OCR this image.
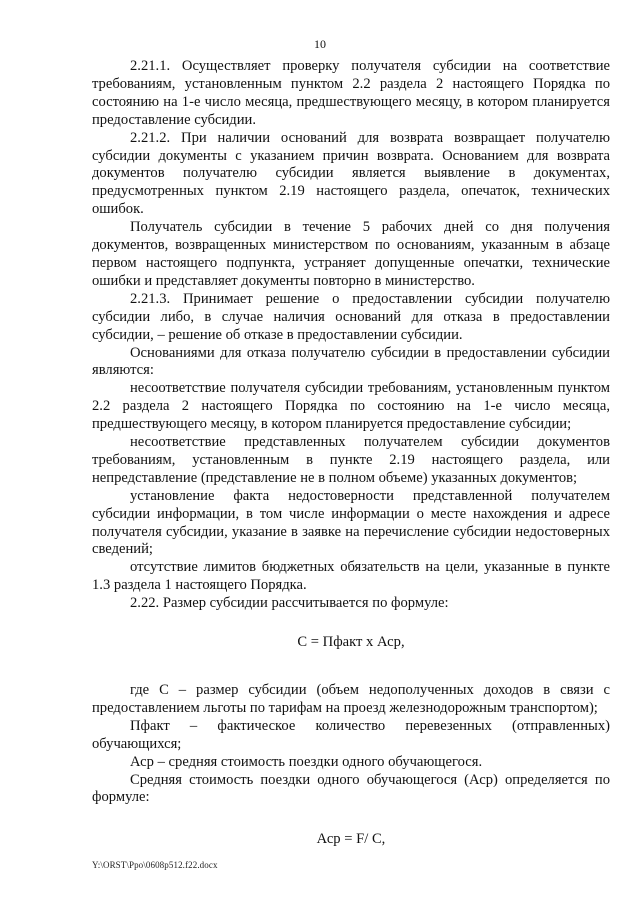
10

2.21.1. Осуществляет проверку получателя субсидии на соответствие требованиям, установленным пунктом 2.2 раздела 2 настоящего Порядка по состоянию на 1-е число месяца, предшествующего месяцу, в котором планируется предоставление субсидии.

2.21.2. При наличии оснований для возврата возвращает получателю субсидии документы с указанием причин возврата. Основанием для возврата документов получателю субсидии является выявление в документах, предусмотренных пунктом 2.19 настоящего раздела, опечаток, технических ошибок.

Получатель субсидии в течение 5 рабочих дней со дня получения документов, возвращенных министерством по основаниям, указанным в абзаце первом настоящего подпункта, устраняет допущенные опечатки, технические ошибки и представляет документы повторно в министерство.

2.21.3. Принимает решение о предоставлении субсидии получателю субсидии либо, в случае наличия оснований для отказа в предоставлении субсидии, – решение об отказе в предоставлении субсидии.

Основаниями для отказа получателю субсидии в предоставлении субсидии являются:

несоответствие получателя субсидии требованиям, установленным пунктом 2.2 раздела 2 настоящего Порядка по состоянию на 1-е число месяца, предшествующего месяцу, в котором планируется предоставление субсидии;

несоответствие представленных получателем субсидии документов требованиям, установленным в пункте 2.19 настоящего раздела, или непредставление (представление не в полном объеме) указанных документов;

установление факта недостоверности представленной получателем субсидии информации, в том числе информации о месте нахождения и адресе получателя субсидии, указание в заявке на перечисление субсидии недостоверных сведений;

отсутствие лимитов бюджетных обязательств на цели, указанные в пункте 1.3 раздела 1 настоящего Порядка.

2.22. Размер субсидии рассчитывается по формуле:

С = Пфакт х Аср,

где С – размер субсидии (объем недополученных доходов в связи с предоставлением льготы по тарифам на проезд железнодорожным транспортом);

Пфакт – фактическое количество перевезенных (отправленных) обучающихся;

Аср – средняя стоимость поездки одного обучающегося.

Средняя стоимость поездки одного обучающегося (Аср) определяется по формуле:

Аср = F/ С,

Y:\ORST\Ppo\0608p512.f22.docx
